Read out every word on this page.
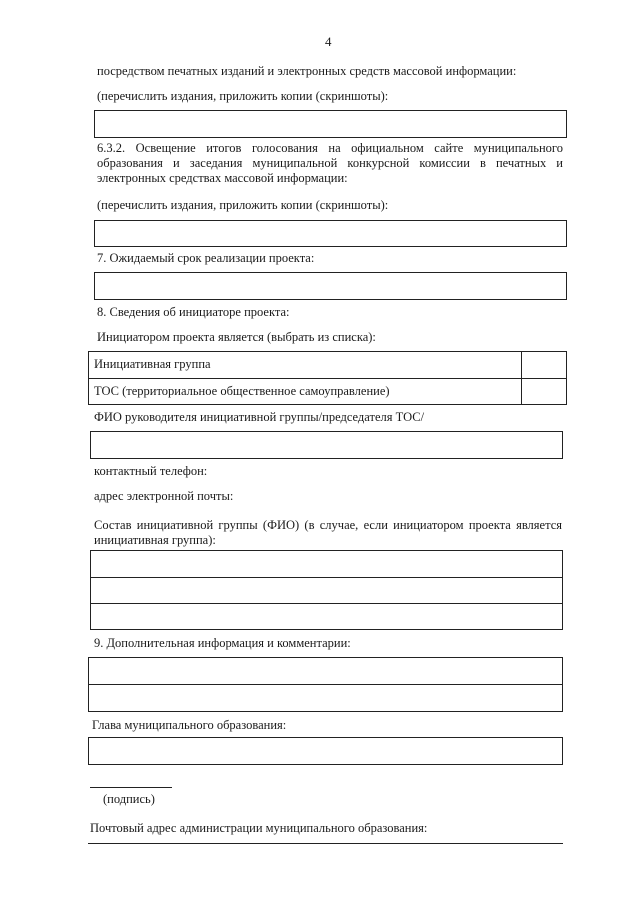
4
посредством печатных изданий и электронных средств массовой информации:
(перечислить издания, приложить копии (скриншоты):
6.3.2. Освещение итогов голосования на официальном сайте муниципального образования и заседания муниципальной конкурсной комиссии в печатных и электронных средствах массовой информации:
(перечислить издания, приложить копии (скриншоты):
7. Ожидаемый срок реализации проекта:
8. Сведения об инициаторе проекта:
Инициатором проекта является (выбрать из списка):
Инициативная группа
ТОС (территориальное общественное самоуправление)
ФИО руководителя инициативной группы/председателя ТОС/
контактный телефон:
адрес электронной почты:
Состав инициативной группы (ФИО) (в случае, если инициатором проекта является инициативная группа):
9. Дополнительная информация и комментарии:
Глава муниципального образования:
(подпись)
Почтовый адрес администрации муниципального образования:
